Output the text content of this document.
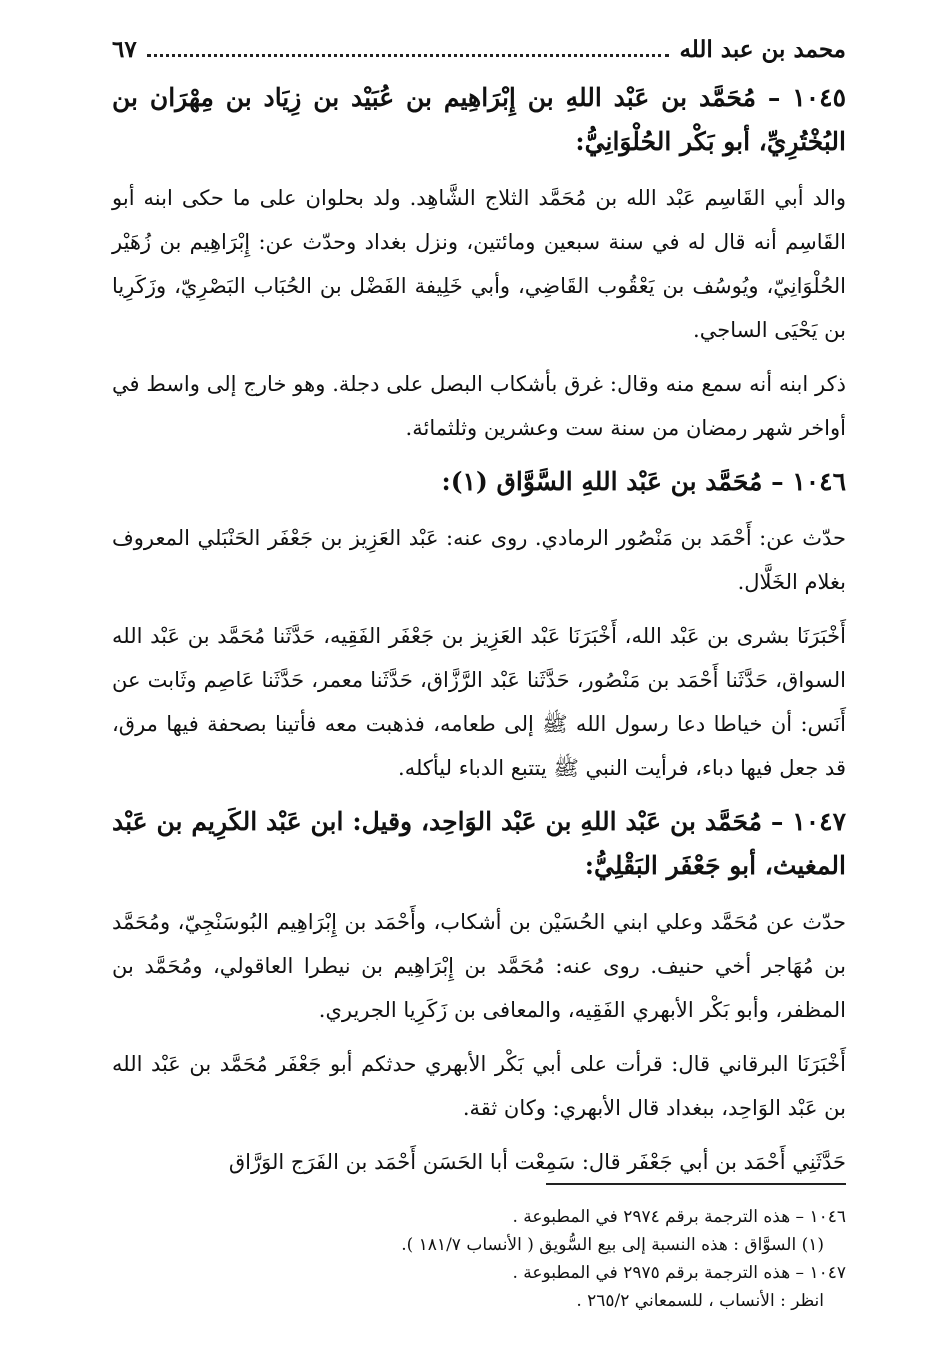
محمد بن عبد الله
٦٧
١٠٤٥ – مُحَمَّد بن عَبْد اللهِ بن إِبْرَاهِيم بن عُبَيْد بن زِيَاد بن مِهْرَان بن البُخْتُرِيِّ، أبو بَكْر الحُلْوَانِيُّ:

والد أبي القَاسِم عَبْد الله بن مُحَمَّد الثلاج الشَّاهِد. ولد بحلوان على ما حكى ابنه أبو القَاسِم أنه قال له في سنة سبعين ومائتين، ونزل بغداد وحدّث عن: إِبْرَاهِيم بن زُهَيْر الحُلْوَانِيّ، ويُوسُف بن يَعْقُوب القَاضِي، وأبي خَلِيفة الفَضْل بن الحُبَاب البَصْرِيّ، وزَكَرِيا بن يَحْيَى الساجي.

ذكر ابنه أنه سمع منه وقال: غرق بأشكاب البصل على دجلة. وهو خارج إلى واسط في أواخر شهر رمضان من سنة ست وعشرين وثلثمائة.

١٠٤٦ – مُحَمَّد بن عَبْد اللهِ السَّوَّاق (١):

حدّث عن: أَحْمَد بن مَنْصُور الرمادي. روى عنه: عَبْد العَزِيز بن جَعْفَر الحَنْبَلي المعروف بغلام الخَلَّال.

أَخْبَرَنَا بشرى بن عَبْد الله، أَخْبَرَنَا عَبْد العَزِيز بن جَعْفَر الفَقِيه، حَدَّثَنا مُحَمَّد بن عَبْد الله السواق، حَدَّثَنا أَحْمَد بن مَنْصُور، حَدَّثَنا عَبْد الرَّزَّاق، حَدَّثَنا معمر، حَدَّثَنا عَاصِم وثَابت عن أَنَس: أن خياطا دعا رسول الله ﷺ إلى طعامه، فذهبت معه فأتينا بصحفة فيها مرق، قد جعل فيها دباء، فرأيت النبي ﷺ يتتبع الدباء ليأكله.

١٠٤٧ – مُحَمَّد بن عَبْد اللهِ بن عَبْد الوَاحِد، وقيل: ابن عَبْد الكَرِيم بن عَبْد المغيث، أبو جَعْفَر البَقْلِيُّ:

حدّث عن مُحَمَّد وعلي ابني الحُسَيْن بن أشكاب، وأَحْمَد بن إِبْرَاهِيم البُوسَنْجِيّ، ومُحَمَّد بن مُهَاجر أخي حنيف. روى عنه: مُحَمَّد بن إِبْرَاهِيم بن نيطرا العاقولي، ومُحَمَّد بن المظفر، وأبو بَكْر الأبهري الفَقِيه، والمعافى بن زَكَرِيا الجريري.

أَخْبَرَنَا البرقاني قال: قرأت على أبي بَكْر الأبهري حدثكم أبو جَعْفَر مُحَمَّد بن عَبْد الله بن عَبْد الوَاحِد، ببغداد قال الأبهري: وكان ثقة.

حَدَّثَنِي أَحْمَد بن أبي جَعْفَر قال: سَمِعْت أبا الحَسَن أَحْمَد بن الفَرَج الوَرَّاق

١٠٤٦ – هذه الترجمة برقم ٢٩٧٤ في المطبوعة .

(١) السوَّاق : هذه النسبة إلى بيع السُّويق ( الأنساب ١٨١/٧ ).

١٠٤٧ – هذه الترجمة برقم ٢٩٧٥ في المطبوعة .

انظر : الأنساب ، للسمعاني ٢٦٥/٢ .
